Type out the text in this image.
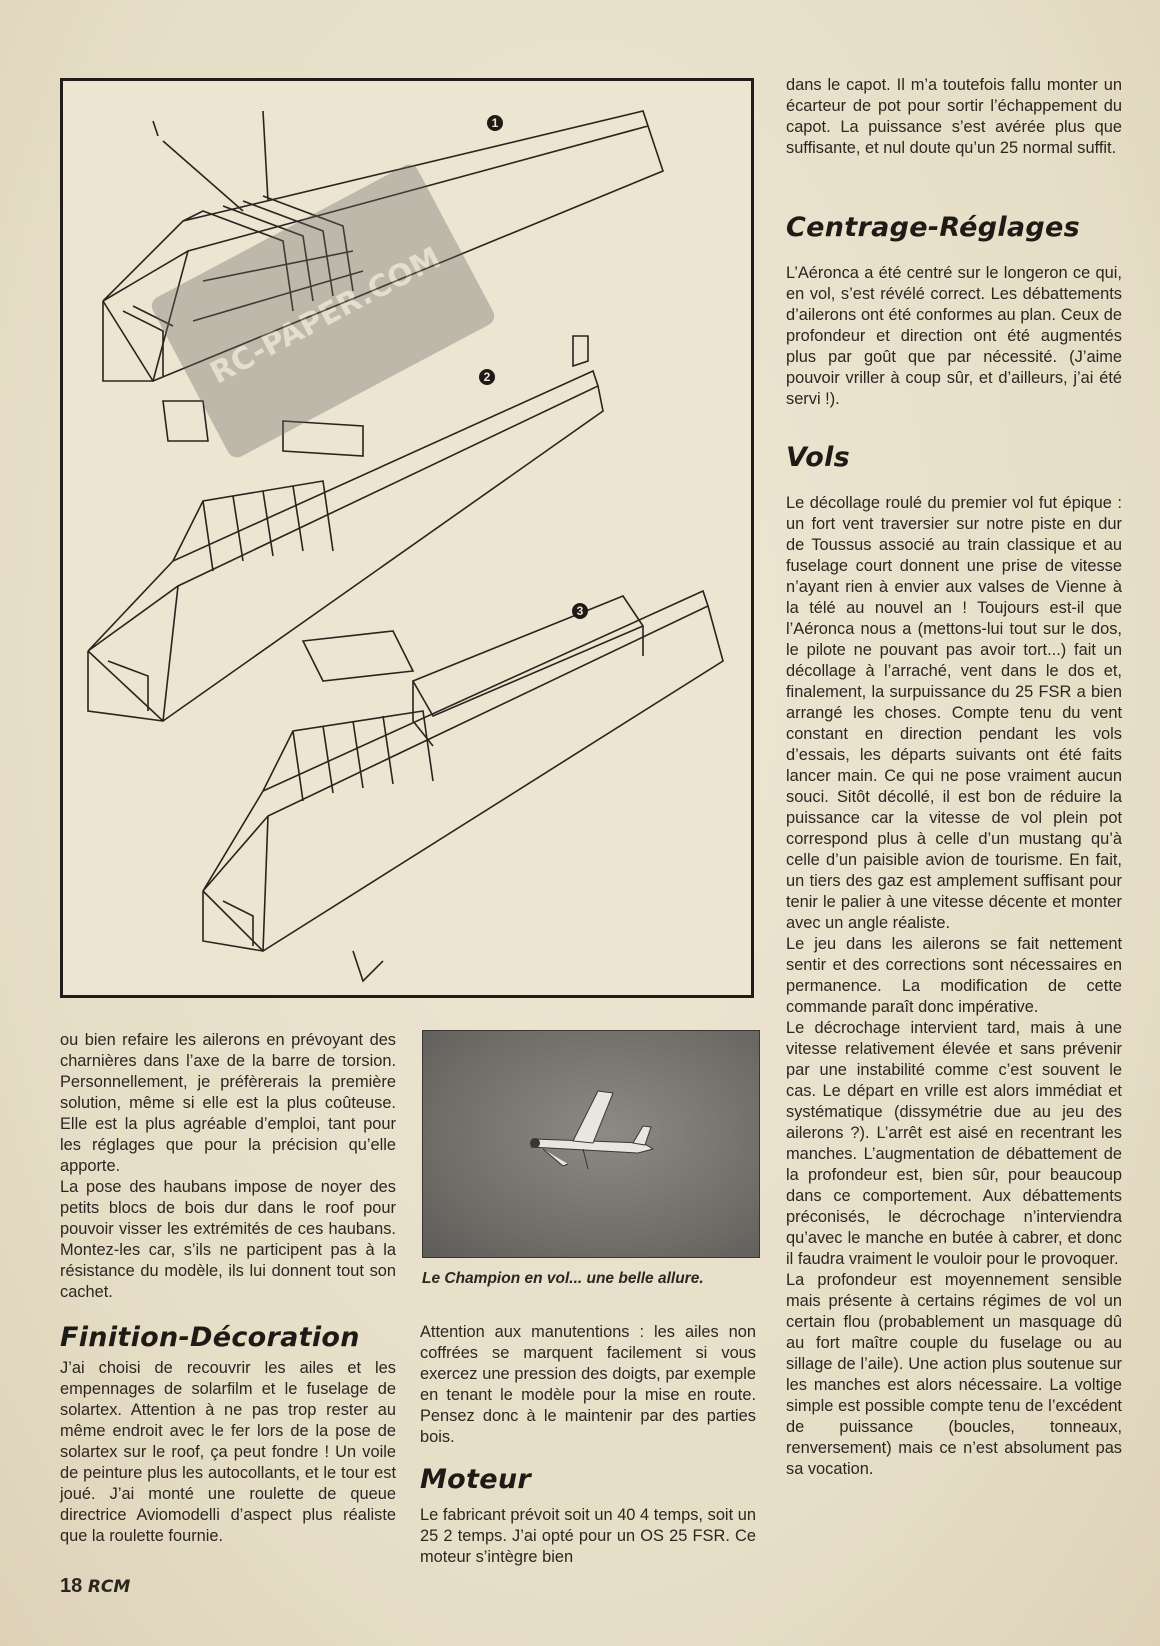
1
2
3
RC-PAPER.COM

ou bien refaire les ailerons en prévoyant des charnières dans l’axe de la barre de torsion. Personnellement, je préfèrerais la première solution, même si elle est la plus coûteuse. Elle est la plus agréable d’emploi, tant pour les réglages que pour la précision qu’elle apporte.

La pose des haubans impose de noyer des petits blocs de bois dur dans le roof pour pouvoir visser les extrémités de ces haubans. Montez-les car, s’ils ne participent pas à la résistance du modèle, ils lui donnent tout son cachet.

Finition-Décoration

J’ai choisi de recouvrir les ailes et les empennages de solarfilm et le fuselage de solartex. Attention à ne pas trop rester au même endroit avec le fer lors de la pose de solartex sur le roof, ça peut fondre ! Un voile de peinture plus les autocollants, et le tour est joué. J’ai monté une roulette de queue directrice Aviomodelli d’aspect plus réaliste que la roulette fournie.

Le Champion en vol... une belle allure.

Attention aux manutentions : les ailes non coffrées se marquent facilement si vous exercez une pression des doigts, par exemple en tenant le modèle pour la mise en route. Pensez donc à le maintenir par des parties bois.

Moteur

Le fabricant prévoit soit un 40 4 temps, soit un 25 2 temps. J’ai opté pour un OS 25 FSR. Ce moteur s’intègre bien

dans le capot. Il m’a toutefois fallu monter un écarteur de pot pour sortir l’échappement du capot. La puissance s’est avérée plus que suffisante, et nul doute qu’un 25 normal suffit.

Centrage-Réglages

L’Aéronca a été centré sur le longeron ce qui, en vol, s’est révélé correct. Les débattements d’ailerons ont été conformes au plan. Ceux de profondeur et direction ont été augmentés plus par goût que par nécessité. (J’aime pouvoir vriller à coup sûr, et d’ailleurs, j’ai été servi !).

Vols

Le décollage roulé du premier vol fut épique : un fort vent traversier sur notre piste en dur de Toussus associé au train classique et au fuselage court donnent une prise de vitesse n’ayant rien à envier aux valses de Vienne à la télé au nouvel an ! Toujours est-il que l’Aéronca nous a (mettons-lui tout sur le dos, le pilote ne pouvant pas avoir tort...) fait un décollage à l’arraché, vent dans le dos et, finalement, la surpuissance du 25 FSR a bien arrangé les choses. Compte tenu du vent constant en direction pendant les vols d’essais, les départs suivants ont été faits lancer main. Ce qui ne pose vraiment aucun souci. Sitôt décollé, il est bon de réduire la puissance car la vitesse de vol plein pot correspond plus à celle d’un mustang qu’à celle d’un paisible avion de tourisme. En fait, un tiers des gaz est amplement suffisant pour tenir le palier à une vitesse décente et monter avec un angle réaliste.

Le jeu dans les ailerons se fait nettement sentir et des corrections sont nécessaires en permanence. La modification de cette commande paraît donc impérative.

Le décrochage intervient tard, mais à une vitesse relativement élevée et sans prévenir par une instabilité comme c’est souvent le cas. Le départ en vrille est alors immédiat et systématique (dissymétrie due au jeu des ailerons ?). L’arrêt est aisé en recentrant les manches. L’augmentation de débattement de la profondeur est, bien sûr, pour beaucoup dans ce comportement. Aux débattements préconisés, le décrochage n’interviendra qu’avec le manche en butée à cabrer, et donc il faudra vraiment le vouloir pour le provoquer.

La profondeur est moyennement sensible mais présente à certains régimes de vol un certain flou (probablement un masquage dû au fort maître couple du fuselage ou au sillage de l’aile). Une action plus soutenue sur les manches est alors nécessaire. La voltige simple est possible compte tenu de l’excédent de puissance (boucles, tonneaux, renversement) mais ce n’est absolument pas sa vocation.

18 RCM
